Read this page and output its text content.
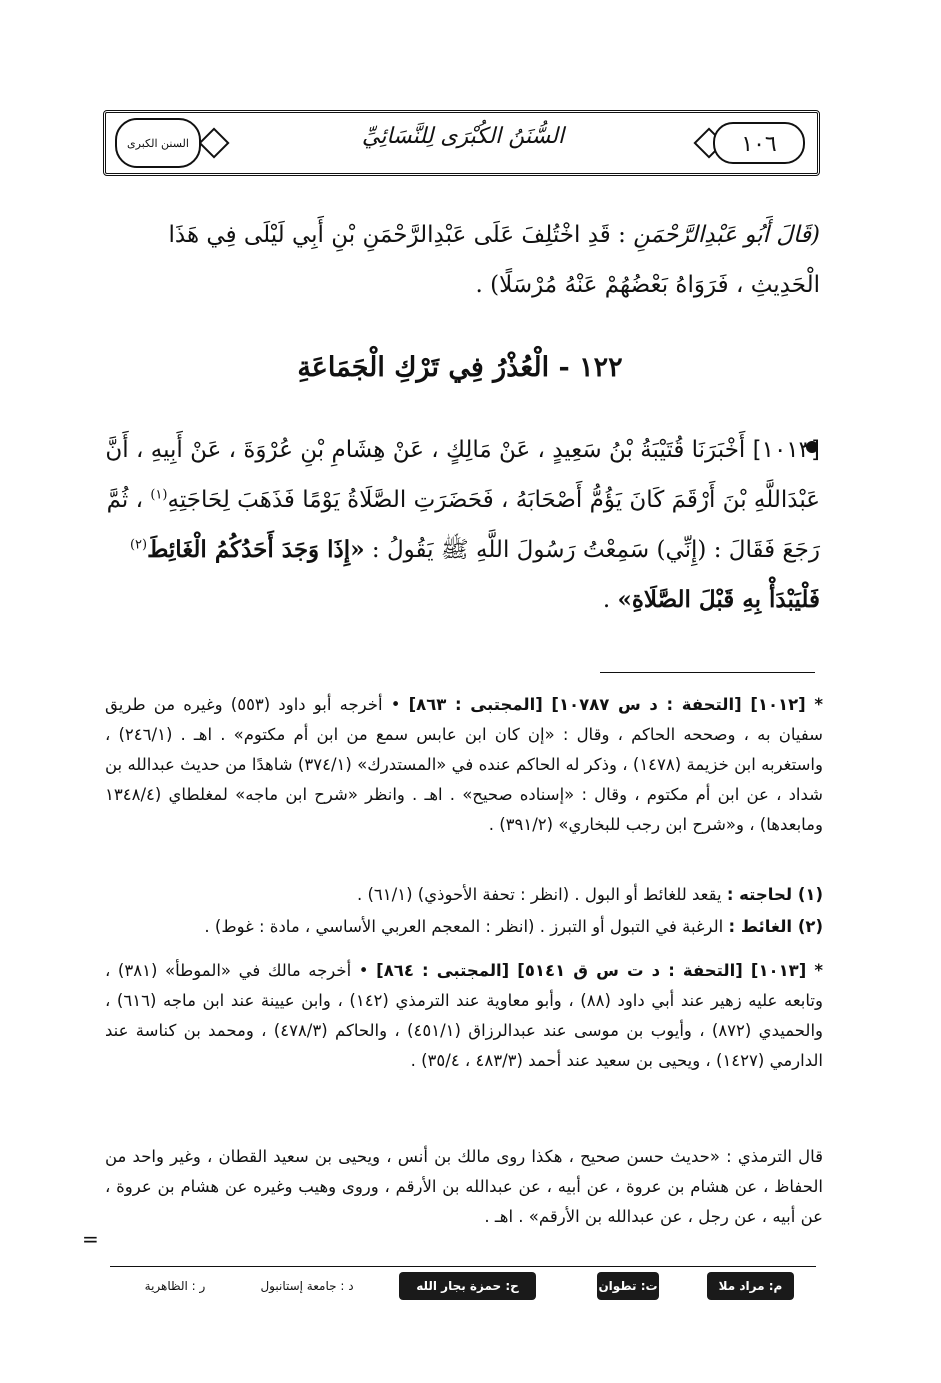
السنن الكبرى	السُّنَنُ الكُبْرَى لِلنَّسَائِيِّ	١٠٦
(قَالَ أَبُو عَبْدِالرَّحْمَنِ : قَدِ اخْتُلِفَ عَلَى عَبْدِالرَّحْمَنِ بْنِ أَبِي لَيْلَى فِي هَذَا الْحَدِيثِ ، فَرَوَاهُ بَعْضُهُمْ عَنْهُ مُرْسَلًا) .
١٢٢ - الْعُذْرُ فِي تَرْكِ الْجَمَاعَةِ
[١٠١٣] أَخْبَرَنَا قُتَيْبَةُ بْنُ سَعِيدٍ ، عَنْ مَالِكٍ ، عَنْ هِشَامِ بْنِ عُرْوَةَ ، عَنْ أَبِيهِ ، أَنَّ عَبْدَاللَّهِ بْنَ أَرْقَمَ كَانَ يَؤُمُّ أَصْحَابَهُ ، فَحَضَرَتِ الصَّلَاةُ يَوْمًا فَذَهَبَ لِحَاجَتِهِ$^{(١)}$ ، ثُمَّ رَجَعَ فَقَالَ : (إِنِّي) سَمِعْتُ رَسُولَ اللَّهِ ﷺ يَقُولُ : «إِذَا وَجَدَ أَحَدُكُمُ الْغَائِطَ$^{(٢)}$ فَلْيَبْدَأْ بِهِ قَبْلَ الصَّلَاةِ» .
* [١٠١٢] [التحفة : د س ١٠٧٨٧] [المجتبى : ٨٦٣] • أخرجه أبو داود (٥٥٣) وغيره من طريق سفيان به ، وصححه الحاكم ، وقال : «إن كان ابن عابس سمع من ابن أم مكتوم» . اهـ . (٢٤٦/١) ، واستغربه ابن خزيمة (١٤٧٨) ، وذكر له الحاكم عنده في «المستدرك» (٣٧٤/١) شاهدًا من حديث عبدالله بن شداد ، عن ابن أم مكتوم ، وقال : «إسناده صحيح» . اهـ . وانظر «شرح ابن ماجه» لمغلطاي (١٣٤٨/٤ ومابعدها) ، و«شرح ابن رجب للبخاري» (٣٩١/٢) .
(١) لحاجته : يقعد للغائط أو البول . (انظر : تحفة الأحوذي) (٦١/١) .
(٢) الغائط : الرغبة في التبول أو التبرز . (انظر : المعجم العربي الأساسي ، مادة : غوط) .
* [١٠١٣] [التحفة : د ت س ق ٥١٤١] [المجتبى : ٨٦٤] • أخرجه مالك في «الموطأ» (٣٨١) ، وتابعه عليه زهير عند أبي داود (٨٨) ، وأبو معاوية عند الترمذي (١٤٢) ، وابن عيينة عند ابن ماجه (٦١٦) ، والحميدي (٨٧٢) ، وأيوب بن موسى عند عبدالرزاق (٤٥١/١) ، والحاكم (٤٧٨/٣) ، ومحمد بن كناسة عند الدارمي (١٤٢٧) ، ويحيى بن سعيد عند أحمد (٤٨٣/٣ ، ٣٥/٤) .
قال الترمذي : «حديث حسن صحيح ، هكذا روى مالك بن أنس ، ويحيى بن سعيد القطان ، وغير واحد من الحفاظ ، عن هشام بن عروة ، عن أبيه ، عن عبدالله بن الأرقم ، وروى وهيب وغيره عن هشام بن عروة ، عن أبيه ، عن رجل ، عن عبدالله بن الأرقم» . اهـ .
=
م: مراد ملا
ت: تطوان
ح: حمزة بجار الله
د : جامعة إستانبول
ر : الظاهرية
